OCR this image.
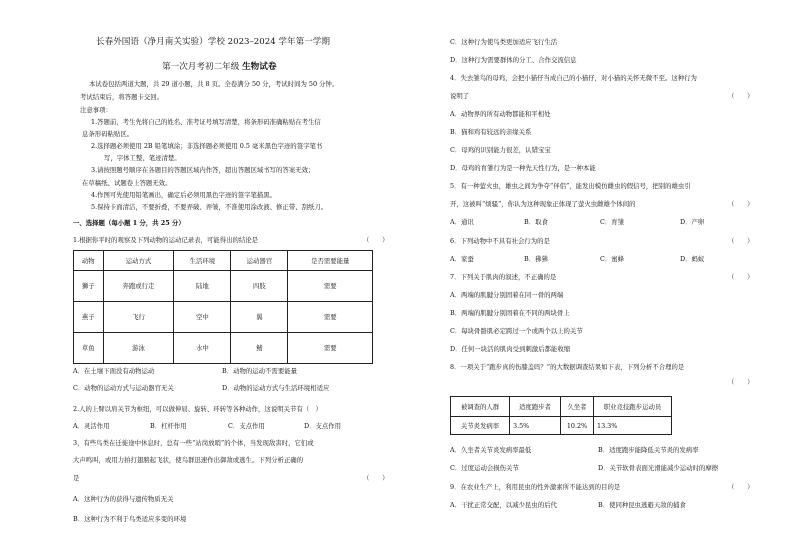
长春外国语（净月南关实验）学校 2023–2024 学年第一学期
第一次月考初二年级 生物试卷
本试卷包括两道大题，共 29 道小题，共 8 页。全卷满分 50 分，考试时间为 50 分钟。
考试结束后，将答题卡交回。
注意事项：
1.答题前，考生先将自己的姓名、准考证号填写清楚，将条形码准确粘贴在考生信
息条形码粘贴区。
2.选择题必须使用 2B 铅笔填涂；非选择题必须使用 0.5 毫米黑色字迹的签字笔书
写，字体工整、笔迹清楚。
3.请按照题号顺序在各题目的答题区域内作答，超出答题区域书写的答案无效；
在草稿纸、试题卷上答题无效。
4.作图可先使用铅笔画出，确定后必须用黑色字迹的签字笔描黑。
5.保持卡面清洁，不要折叠，不要弄破、弄皱，不准使用涂改液、修正带、刮纸刀。
一、选择题（每小题 1 分，共 25 分）
1.根据你平时的观察及下列动物的运动记录表，可能得出的结论是	（　　）
动物	运动方式	生活环境	运动器官	是否需要能量
狮子	奔跑或行走	陆地	四肢	需要
燕子	飞行	空中	翼	需要
草鱼	游泳	水中	鳍	需要
A．在土壤下面没有动物运动	B．动物的运动不需要能量
C．动物的运动方式与运动器官无关	D．动物的运动方式与生活环境相适应
2.人的上臂以肩关节为枢纽，可以做伸屈、旋转、环转等各种动作，这说明关节有（　）
A．灵活作用	B．杠杆作用	C．支点作用	D．支点作用
3，有些鸟类在迁徙途中休息时，总有一些“站岗放哨”的个体，当发现敌害时，它们或
大声鸣叫，或用力拍打翅膀起飞状，使鸟群迅速作出御敌或逃生。下列分析正确的
是	（　　）
A．这种行为的获得与遗传物质无关
B．这种行为不利于鸟类适应多变的环境
C．这种行为使鸟类更加适应飞行生活
D．这种行为需要群体的分工、合作交流信息
4．失去雏鸟的母鸡，会把小猫仔当成自己的小猫仔，对小猫的关怀无微不至。这种行为
说明了	（　　）
A．动物界的所有动物都能和平相处
B．猫和鸡有较远的亲缘关系
C．母鸡的识别能力很差，认错宝宝
D．母鸡的育雏行为是一种先天性行为，是一种本能
5．有一种萤火虫，雄虫之间为争夺“伴侣”，能发出模仿雌虫的假信号，把别的雄虫引
开，这被叫“烦骚”，你认为这种现象正体现了萤火虫雌雄个体间的	（　　）
A．通讯	B．取食	C．育雏	D．产卵
6．下列动物中不具有社会行为的是	（　　）
A．家蚕	B．狒狒	C．蜜蜂	D．蚂蚁
7．下列关于肌肉的叙述，不正确的是	（　　）
A．两端的肌腱分别固着在同一骨的两端
B．两端的肌腱分别固着在不同的两块骨上
C．每块骨骼肌必定跨过一个或两个以上的关节
D．任何一块活的肌肉受到刺激后都能收缩
8．一项关于“跑步真的伤膝盖吗？”的大数据调查结果如下表，下列分析不合理的是
（　　）
被调查的人群	适度跑步者	久坐者	职业竞技跑步运动员
关节炎发病率	3.5%	10.2%	13.3%
A．久坐者关节炎发病率最低	B．适度跑步能降低关节炎的发病率
C．过度运动会损伤关节	D．关节软骨表面光滑能减少运动时的摩擦
9．在农业生产上，利用昆虫的性外激素所不能达到的目的是	（　　）
A．干扰正常交配，以减少昆虫的后代	B．使同种昆虫逃避天敌的捕食
